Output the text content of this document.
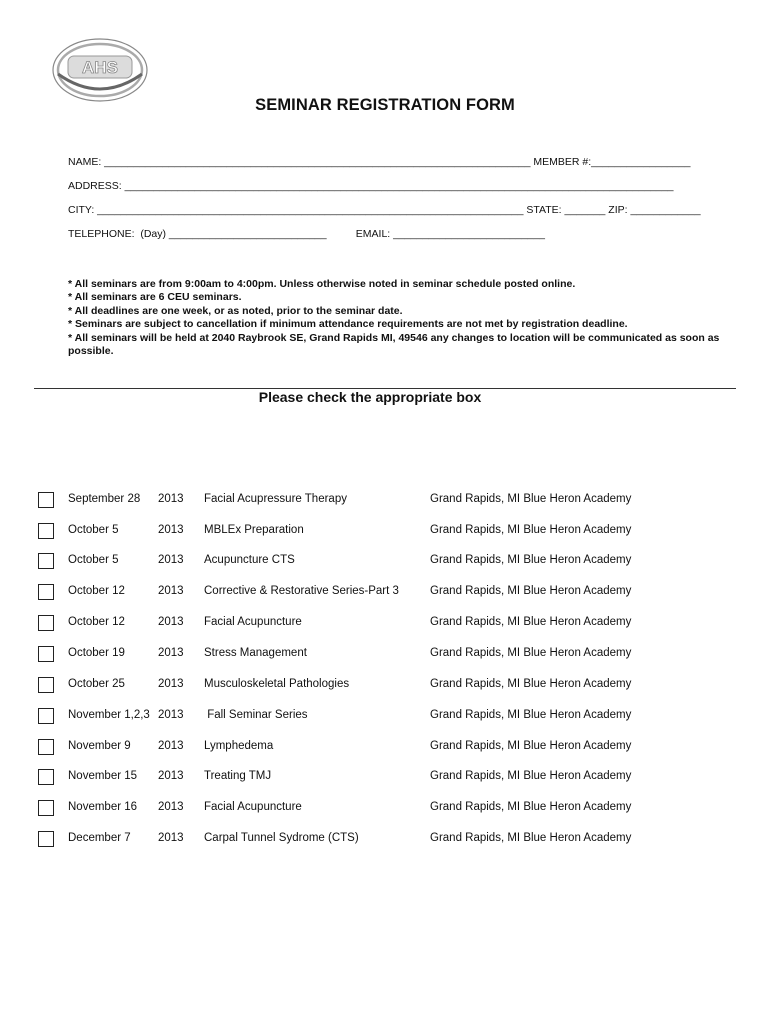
AHS
SEMINAR REGISTRATION FORM
NAME: _________________________________________________________________________ MEMBER #:_________________
ADDRESS: ______________________________________________________________________________________________
CITY: _________________________________________________________________________ STATE: _______ ZIP: ____________
TELEPHONE:  (Day) ___________________________          EMAIL: __________________________
* All seminars are from 9:00am to 4:00pm. Unless otherwise noted in seminar schedule posted online.
* All seminars are 6 CEU seminars.
* All deadlines are one week, or as noted, prior to the seminar date.
* Seminars are subject to cancellation if minimum attendance requirements are not met by registration deadline.
* All seminars will be held at 2040 Raybrook SE, Grand Rapids MI, 49546 any changes to location will be communicated as soon as possible.
Please check the appropriate box
September 28 2013 Facial Acupressure Therapy	Grand Rapids, MI Blue Heron Academy
October 5	2013 MBLEx Preparation	Grand Rapids, MI Blue Heron Academy
October 5	2013 Acupuncture CTS	Grand Rapids, MI Blue Heron Academy
October 12	2013 Corrective & Restorative Series-Part 3	Grand Rapids, MI Blue Heron Academy
October 12	2013 Facial Acupuncture	Grand Rapids, MI Blue Heron Academy
October 19	2013 Stress Management	Grand Rapids, MI Blue Heron Academy
October 25	2013 Musculoskeletal Pathologies	Grand Rapids, MI Blue Heron Academy
November 1,2,3 2013 Fall Seminar Series	Grand Rapids, MI Blue Heron Academy
November 9 2013 Lymphedema	Grand Rapids, MI Blue Heron Academy
November 15 2013 Treating TMJ	Grand Rapids, MI Blue Heron Academy
November 16 2013 Facial Acupuncture	Grand Rapids, MI Blue Heron Academy
December 7 2013 Carpal Tunnel Sydrome (CTS)	Grand Rapids, MI Blue Heron Academy
